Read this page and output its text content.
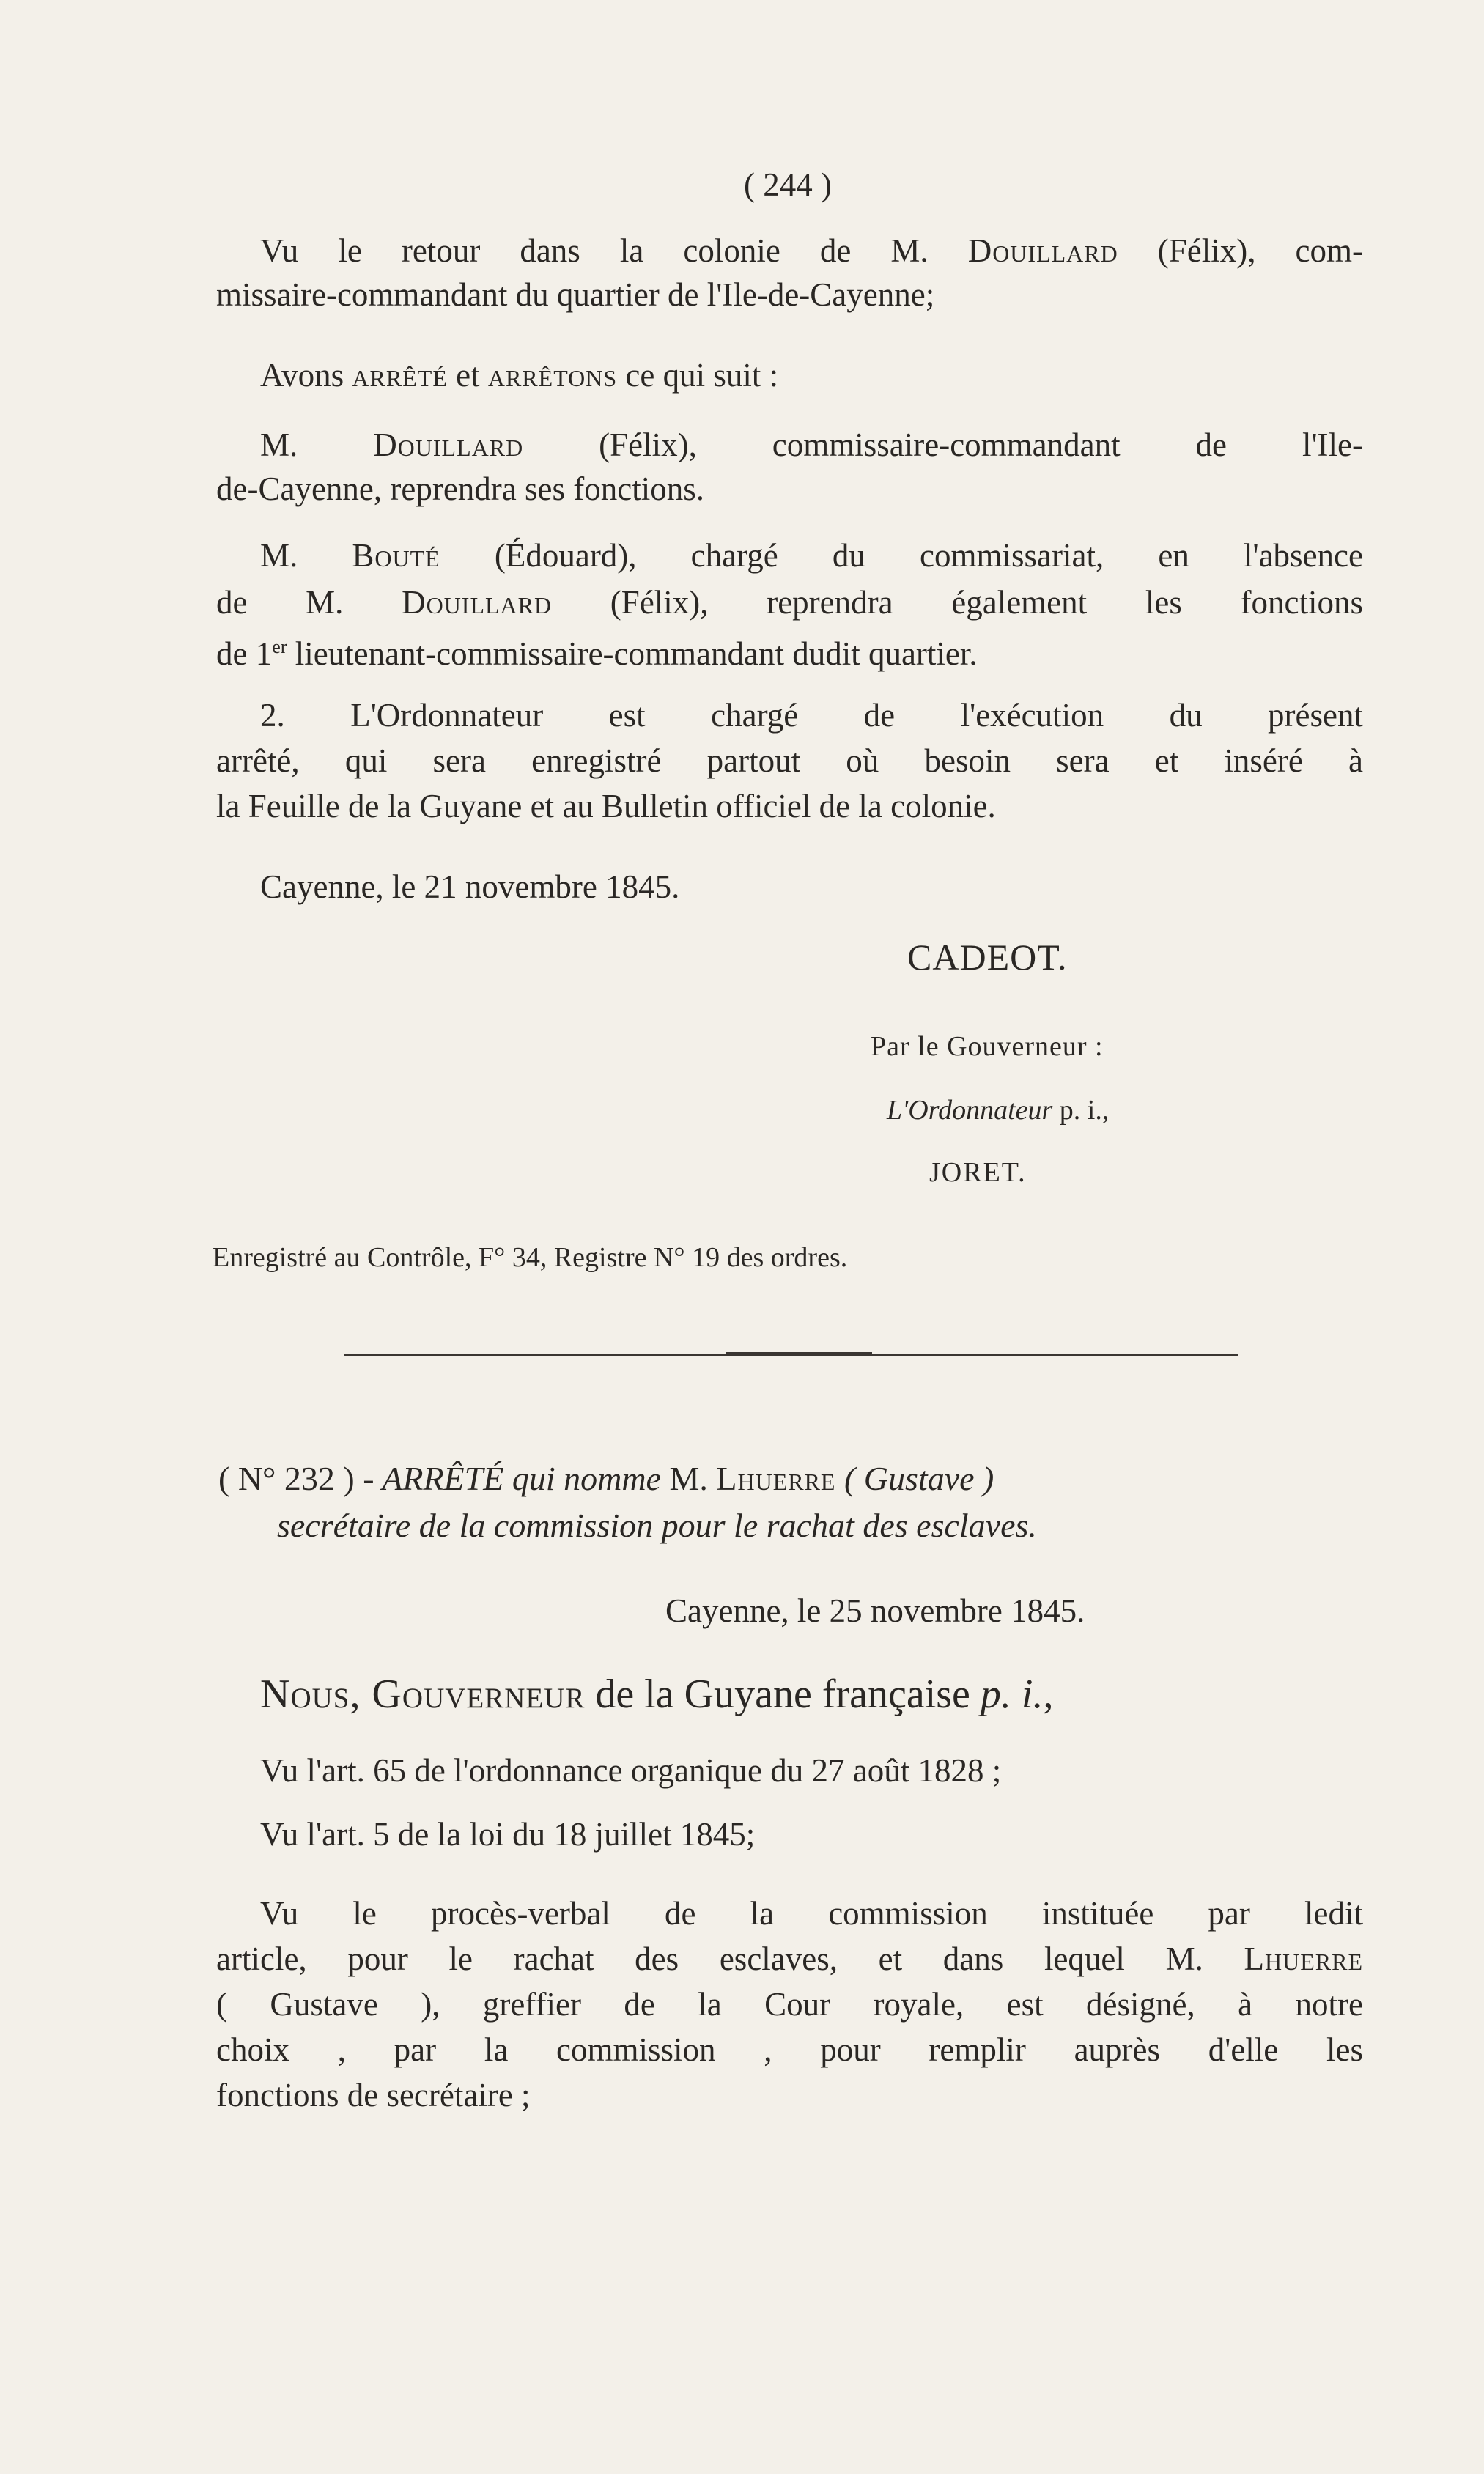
( 244 )
Vu le retour dans la colonie de M. Douillard (Félix), com-
missaire-commandant du quartier de l'Ile-de-Cayenne;
Avons arrêté et arrêtons ce qui suit :
M. Douillard (Félix), commissaire-commandant de l'Ile-
de-Cayenne, reprendra ses fonctions.
M. Bouté (Édouard), chargé du commissariat, en l'absence
de M. Douillard (Félix), reprendra également les fonctions
de 1er lieutenant-commissaire-commandant dudit quartier.
2. L'Ordonnateur est chargé de l'exécution du présent
arrêté, qui sera enregistré partout où besoin sera et inséré à
la Feuille de la Guyane et au Bulletin officiel de la colonie.
Cayenne, le 21 novembre 1845.
CADEOT.
Par le Gouverneur :
L'Ordonnateur p. i.,
JORET.
Enregistré au Contrôle, F° 34, Registre N° 19 des ordres.
( N° 232 ) - ARRÊTÉ qui nomme M. Lhuerre ( Gustave )
secrétaire de la commission pour le rachat des esclaves.
Cayenne, le 25 novembre 1845.
Nous, Gouverneur de la Guyane française p. i.,
Vu l'art. 65 de l'ordonnance organique du 27 août 1828 ;
Vu l'art. 5 de la loi du 18 juillet 1845;
Vu le procès-verbal de la commission instituée par ledit
article, pour le rachat des esclaves, et dans lequel M. Lhuerre
( Gustave ), greffier de la Cour royale, est désigné, à notre
choix , par la commission , pour remplir auprès d'elle les
fonctions de secrétaire ;
